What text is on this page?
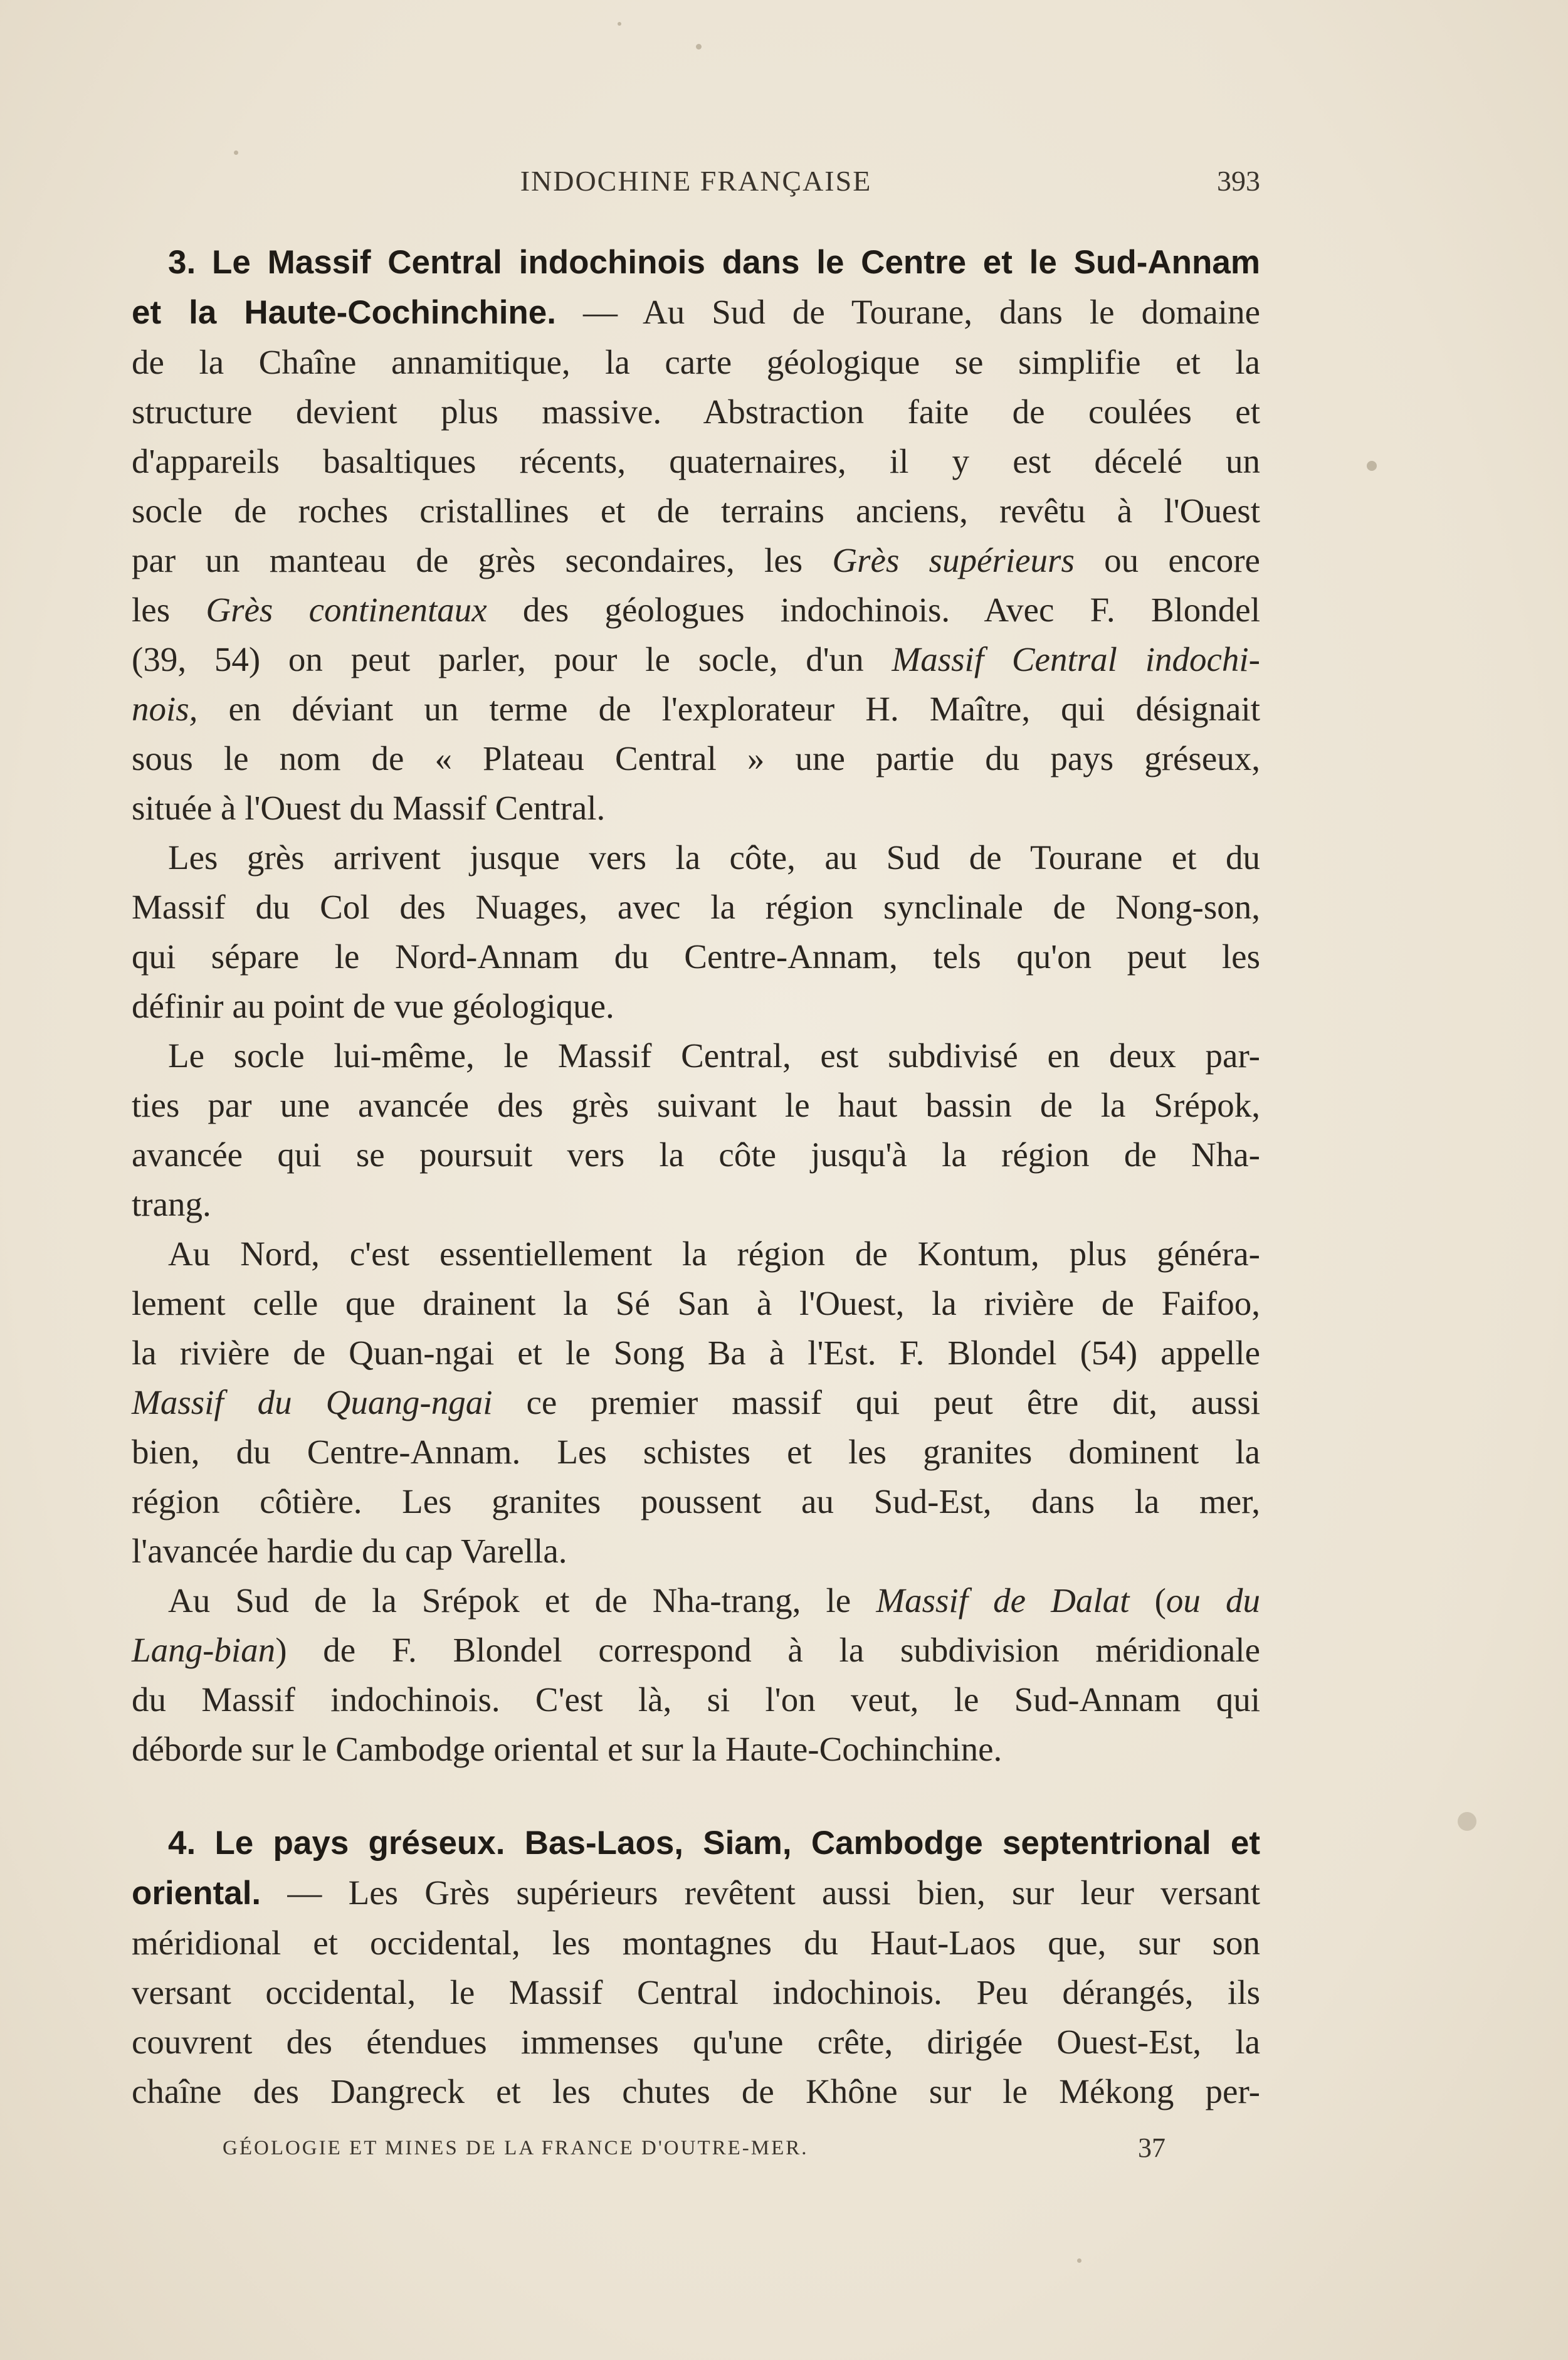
INDOCHINE FRANÇAISE	393
3. Le Massif Central indochinois dans le Centre et le Sud-Annam
et la Haute-Cochinchine. — Au Sud de Tourane, dans le domaine
de la Chaîne annamitique, la carte géologique se simplifie et la
structure devient plus massive. Abstraction faite de coulées et
d'appareils basaltiques récents, quaternaires, il y est décelé un
socle de roches cristallines et de terrains anciens, revêtu à l'Ouest
par un manteau de grès secondaires, les Grès supérieurs ou encore
les Grès continentaux des géologues indochinois. Avec F. Blondel
(39, 54) on peut parler, pour le socle, d'un Massif Central indochi-
nois, en déviant un terme de l'explorateur H. Maître, qui désignait
sous le nom de « Plateau Central » une partie du pays gréseux,
située à l'Ouest du Massif Central.
Les grès arrivent jusque vers la côte, au Sud de Tourane et du
Massif du Col des Nuages, avec la région synclinale de Nong-son,
qui sépare le Nord-Annam du Centre-Annam, tels qu'on peut les
définir au point de vue géologique.
Le socle lui-même, le Massif Central, est subdivisé en deux par-
ties par une avancée des grès suivant le haut bassin de la Srépok,
avancée qui se poursuit vers la côte jusqu'à la région de Nha-
trang.
Au Nord, c'est essentiellement la région de Kontum, plus généra-
lement celle que drainent la Sé San à l'Ouest, la rivière de Faifoo,
la rivière de Quan-ngai et le Song Ba à l'Est. F. Blondel (54) appelle
Massif du Quang-ngai ce premier massif qui peut être dit, aussi
bien, du Centre-Annam. Les schistes et les granites dominent la
région côtière. Les granites poussent au Sud-Est, dans la mer,
l'avancée hardie du cap Varella.
Au Sud de la Srépok et de Nha-trang, le Massif de Dalat (ou du
Lang-bian) de F. Blondel correspond à la subdivision méridionale
du Massif indochinois. C'est là, si l'on veut, le Sud-Annam qui
déborde sur le Cambodge oriental et sur la Haute-Cochinchine.
4. Le pays gréseux. Bas-Laos, Siam, Cambodge septentrional et
oriental. — Les Grès supérieurs revêtent aussi bien, sur leur versant
méridional et occidental, les montagnes du Haut-Laos que, sur son
versant occidental, le Massif Central indochinois. Peu dérangés, ils
couvrent des étendues immenses qu'une crête, dirigée Ouest-Est, la
chaîne des Dangreck et les chutes de Khône sur le Mékong per-
GÉOLOGIE ET MINES DE LA FRANCE D'OUTRE-MER.	37
